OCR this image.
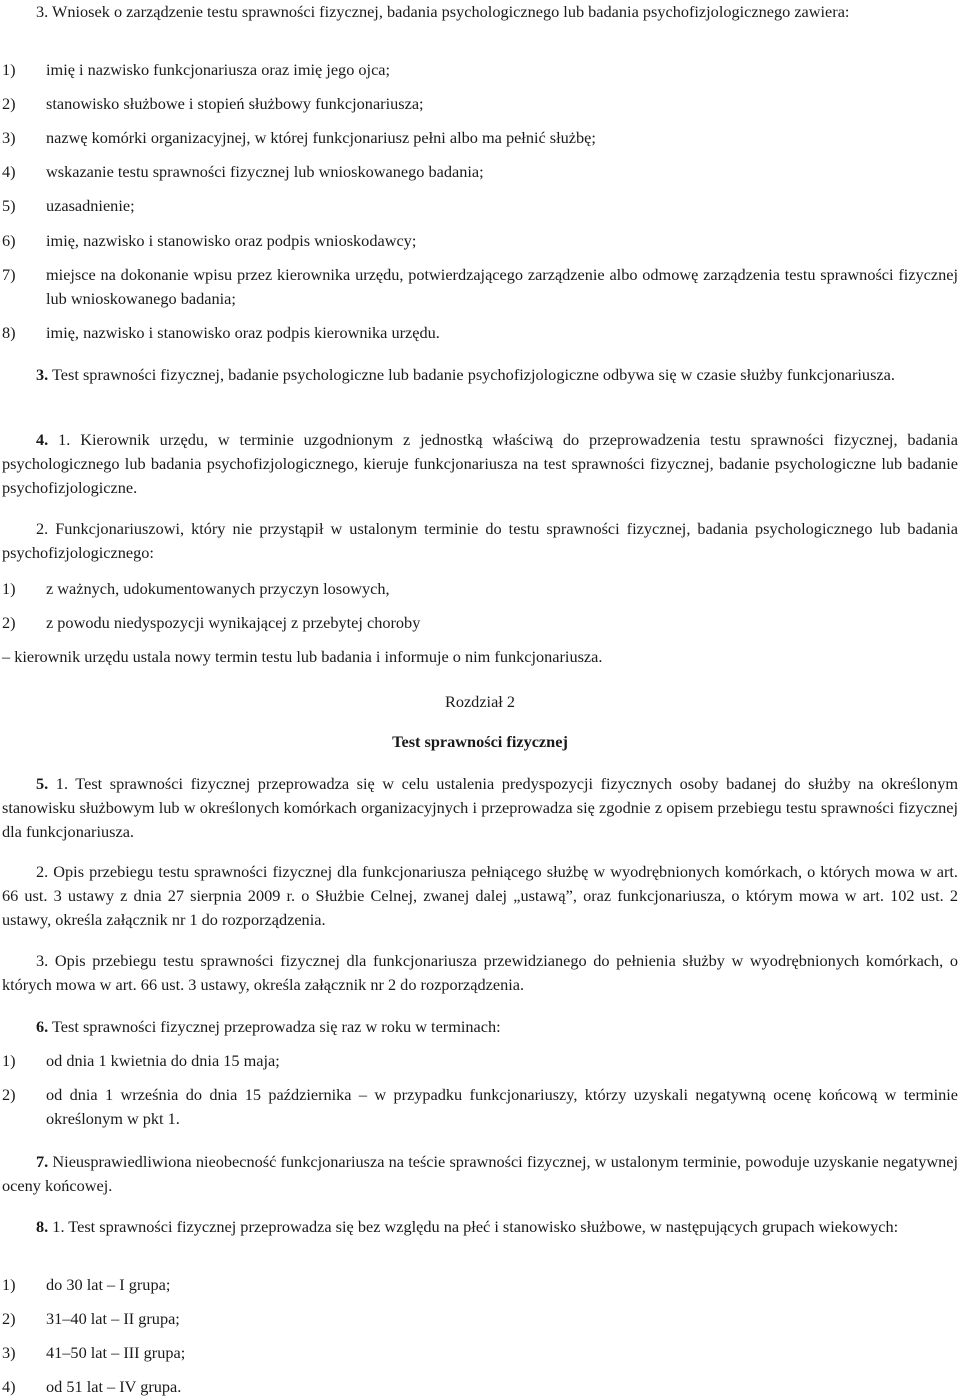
3. Wniosek o zarządzenie testu sprawności fizycznej, badania psychologicznego lub badania psychofizjologicznego zawiera:

1)	imię i nazwisko funkcjonariusza oraz imię jego ojca;
2)	stanowisko służbowe i stopień służbowy funkcjonariusza;
3)	nazwę komórki organizacyjnej, w której funkcjonariusz pełni albo ma pełnić służbę;
4)	wskazanie testu sprawności fizycznej lub wnioskowanego badania;
5)	uzasadnienie;
6)	imię, nazwisko i stanowisko oraz podpis wnioskodawcy;
7)	miejsce na dokonanie wpisu przez kierownika urzędu, potwierdzającego zarządzenie albo odmowę zarządzenia testu sprawności fizycznej lub wnioskowanego badania;
8)	imię, nazwisko i stanowisko oraz podpis kierownika urzędu.

3. Test sprawności fizycznej, badanie psychologiczne lub badanie psychofizjologiczne odbywa się w czasie służby funkcjonariusza.

4. 1. Kierownik urzędu, w terminie uzgodnionym z jednostką właściwą do przeprowadzenia testu sprawności fizycznej, badania psychologicznego lub badania psychofizjologicznego, kieruje funkcjonariusza na test sprawności fizycznej, badanie psychologiczne lub badanie psychofizjologiczne.

2. Funkcjonariuszowi, który nie przystąpił w ustalonym terminie do testu sprawności fizycznej, badania psychologicznego lub badania psychofizjologicznego:

1)	z ważnych, udokumentowanych przyczyn losowych,
2)	z powodu niedyspozycji wynikającej z przebytej choroby

– kierownik urzędu ustala nowy termin testu lub badania i informuje o nim funkcjonariusza.

Rozdział 2

Test sprawności fizycznej

5. 1. Test sprawności fizycznej przeprowadza się w celu ustalenia predyspozycji fizycznych osoby badanej do służby na określonym stanowisku służbowym lub w określonych komórkach organizacyjnych i przeprowadza się zgodnie z opisem przebiegu testu sprawności fizycznej dla funkcjonariusza.

2. Opis przebiegu testu sprawności fizycznej dla funkcjonariusza pełniącego służbę w wyodrębnionych komórkach, o których mowa w art. 66 ust. 3 ustawy z dnia 27 sierpnia 2009 r. o Służbie Celnej, zwanej dalej „ustawą”, oraz funkcjonariusza, o którym mowa w art. 102 ust. 2 ustawy, określa załącznik nr 1 do rozporządzenia.

3. Opis przebiegu testu sprawności fizycznej dla funkcjonariusza przewidzianego do pełnienia służby w wyodrębnionych komórkach, o których mowa w art. 66 ust. 3 ustawy, określa załącznik nr 2 do rozporządzenia.

6. Test sprawności fizycznej przeprowadza się raz w roku w terminach:

1)	od dnia 1 kwietnia do dnia 15 maja;
2)	od dnia 1 września do dnia 15 października – w przypadku funkcjonariuszy, którzy uzyskali negatywną ocenę końcową w terminie określonym w pkt 1.

7. Nieusprawiedliwiona nieobecność funkcjonariusza na teście sprawności fizycznej, w ustalonym terminie, powoduje uzyskanie negatywnej oceny końcowej.

8. 1. Test sprawności fizycznej przeprowadza się bez względu na płeć i stanowisko służbowe, w następujących grupach wiekowych:

1)	do 30 lat – I grupa;
2)	31–40 lat – II grupa;
3)	41–50 lat – III grupa;
4)	od 51 lat – IV grupa.
